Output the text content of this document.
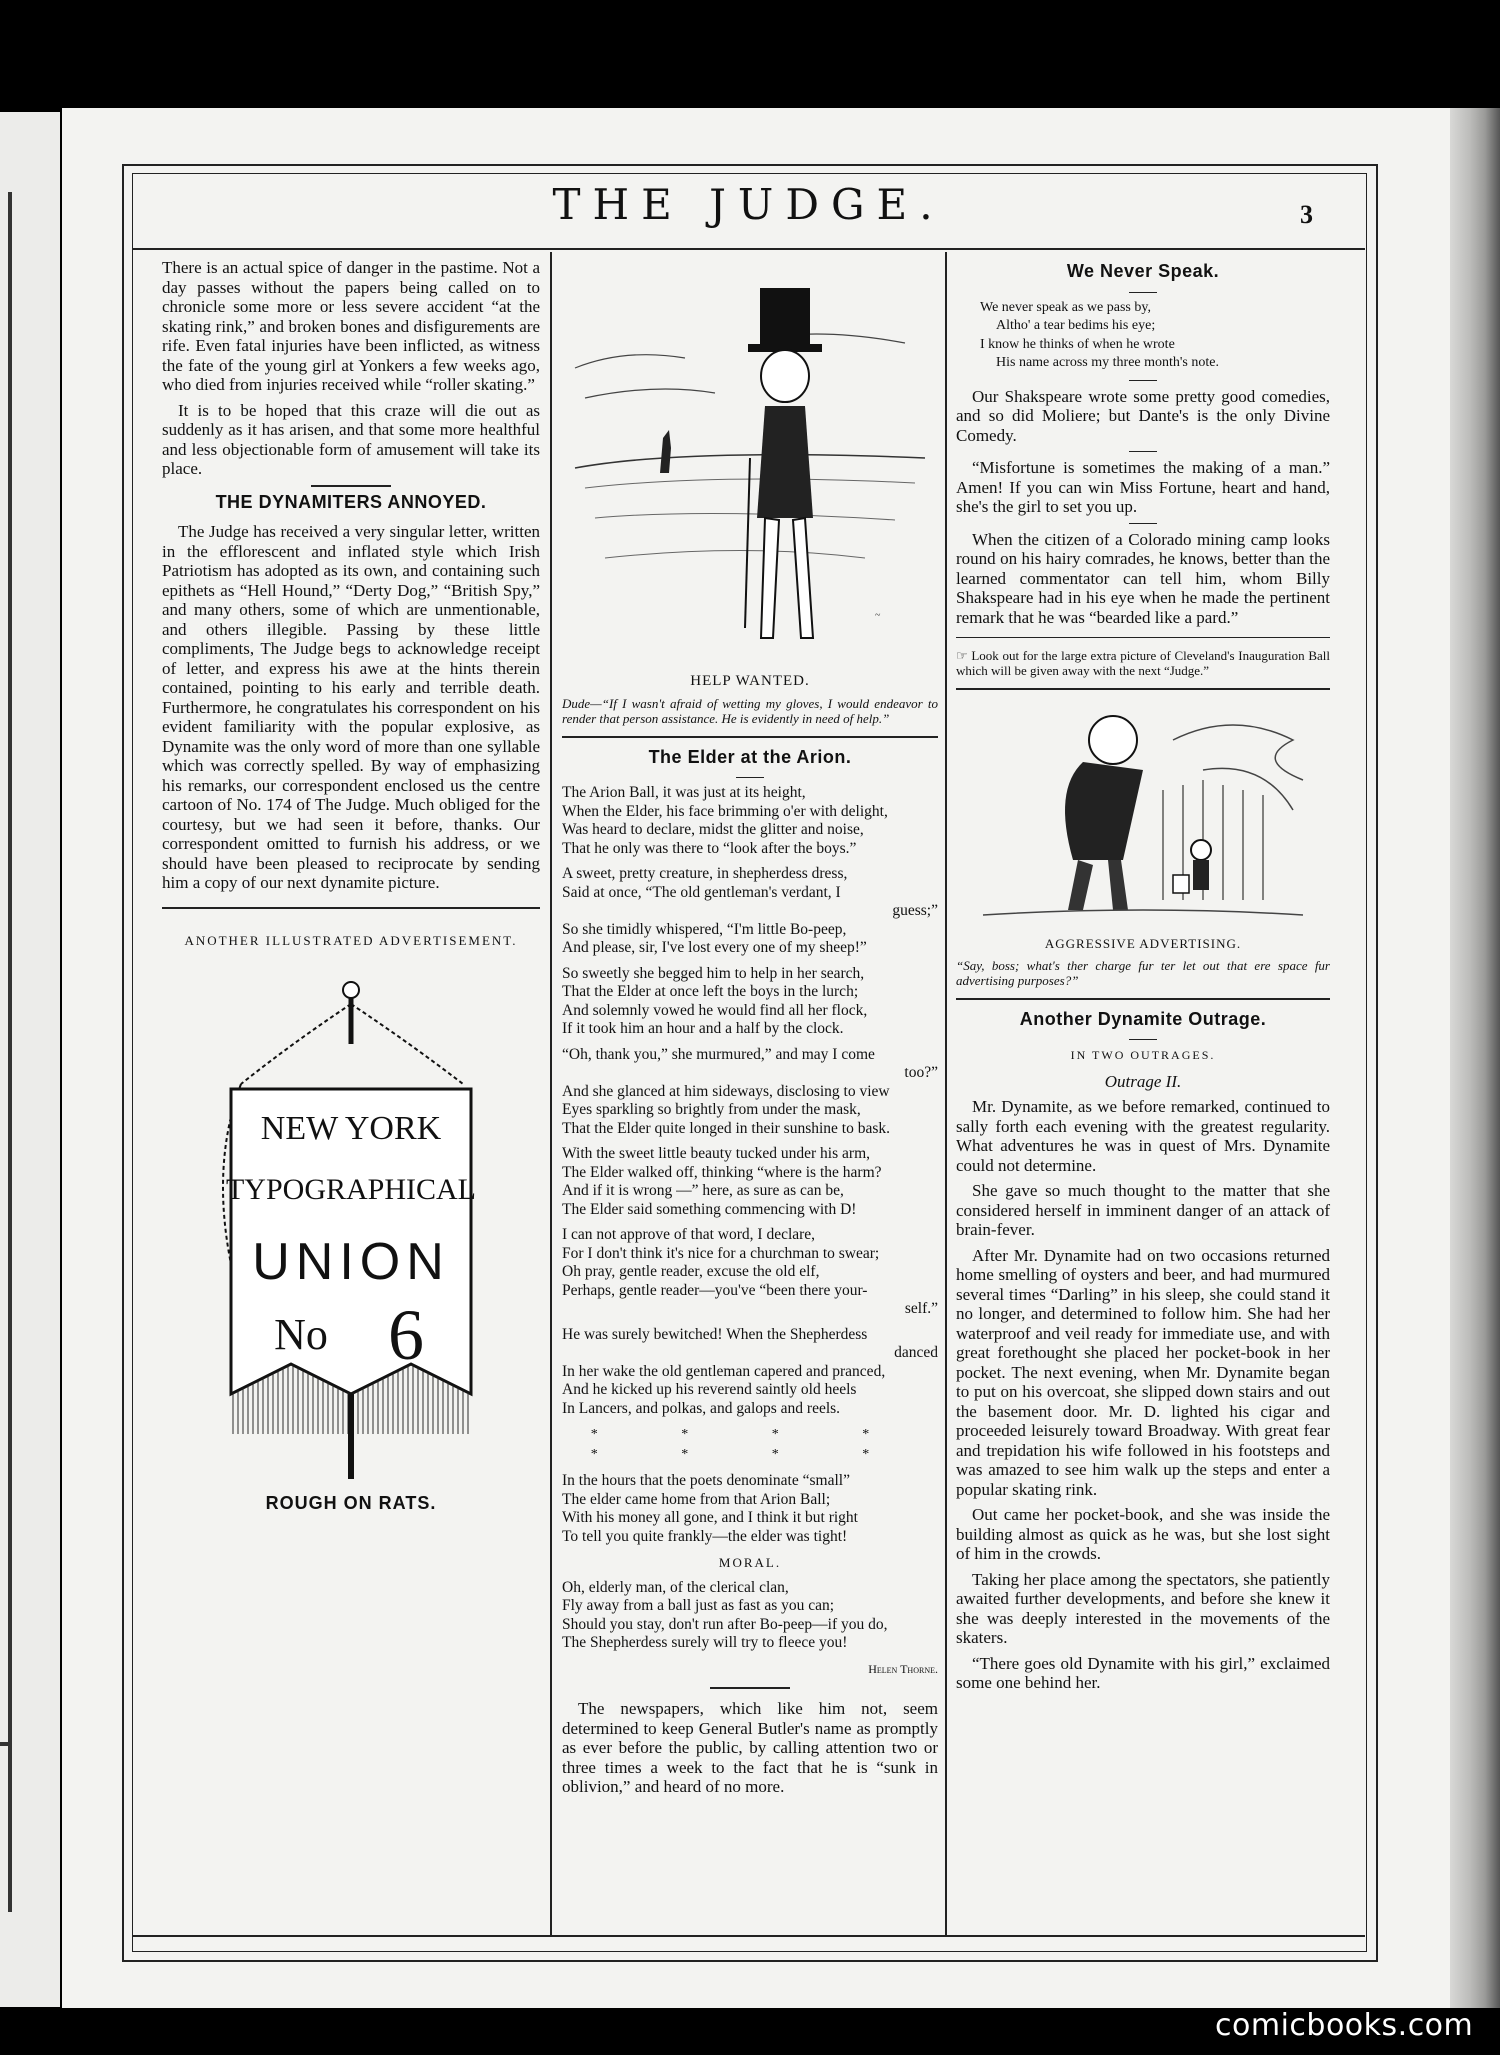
THE JUDGE.	3

There is an actual spice of danger in the pastime. Not a day passes without the papers being called on to chronicle some more or less severe accident “at the skating rink,” and broken bones and disfigurements are rife. Even fatal injuries have been inflicted, as witness the fate of the young girl at Yonkers a few weeks ago, who died from injuries received while “roller skating.”

It is to be hoped that this craze will die out as suddenly as it has arisen, and that some more healthful and less objectionable form of amusement will take its place.

THE DYNAMITERS ANNOYED.

The Judge has received a very singular letter, written in the efflorescent and inflated style which Irish Patriotism has adopted as its own, and containing such epithets as “Hell Hound,” “Derty Dog,” “British Spy,” and many others, some of which are unmentionable, and others illegible. Passing by these little compliments, The Judge begs to acknowledge receipt of letter, and express his awe at the hints therein contained, pointing to his early and terrible death. Furthermore, he congratulates his correspondent on his evident familiarity with the popular explosive, as Dynamite was the only word of more than one syllable which was correctly spelled. By way of emphasizing his remarks, our correspondent enclosed us the centre cartoon of No. 174 of The Judge. Much obliged for the courtesy, but we had seen it before, thanks. Our correspondent omitted to furnish his address, or we should have been pleased to reciprocate by sending him a copy of our next dynamite picture.

ANOTHER ILLUSTRATED ADVERTISEMENT.
NEW YORK
TYPOGRAPHICAL
UNION
No 6
ROUGH ON RATS.
~
HELP WANTED.
Dude—“If I wasn't afraid of wetting my gloves, I would endeavor to render that person assistance. He is evidently in need of help.”
The Elder at the Arion.
The Arion Ball, it was just at its height,
When the Elder, his face brimming o'er with delight,
Was heard to declare, midst the glitter and noise,
That he only was there to “look after the boys.”
A sweet, pretty creature, in shepherdess dress,
Said at once, “The old gentleman's verdant, I
guess;”
So she timidly whispered, “I'm little Bo-peep,
And please, sir, I've lost every one of my sheep!”
So sweetly she begged him to help in her search,
That the Elder at once left the boys in the lurch;
And solemnly vowed he would find all her flock,
If it took him an hour and a half by the clock.
“Oh, thank you,” she murmured,” and may I come
too?”
And she glanced at him sideways, disclosing to view
Eyes sparkling so brightly from under the mask,
That the Elder quite longed in their sunshine to bask.
With the sweet little beauty tucked under his arm,
The Elder walked off, thinking “where is the harm?
And if it is wrong —” here, as sure as can be,
The Elder said something commencing with D!
I can not approve of that word, I declare,
For I don't think it's nice for a churchman to swear;
Oh pray, gentle reader, excuse the old elf,
Perhaps, gentle reader—you've “been there your-
self.”
He was surely bewitched! When the Shepherdess
danced
In her wake the old gentleman capered and pranced,
And he kicked up his reverend saintly old heels
In Lancers, and polkas, and galops and reels.
* * * * * * * *
In the hours that the poets denominate “small”
The elder came home from that Arion Ball;
With his money all gone, and I think it but right
To tell you quite frankly—the elder was tight!
MORAL.
Oh, elderly man, of the clerical clan,
Fly away from a ball just as fast as you can;
Should you stay, don't run after Bo-peep—if you do,
The Shepherdess surely will try to fleece you!
Helen Thorne.

The newspapers, which like him not, seem determined to keep General Butler's name as promptly as ever before the public, by calling attention two or three times a week to the fact that he is “sunk in oblivion,” and heard of no more.

We Never Speak.
We never speak as we pass by,
Altho' a tear bedims his eye;
I know he thinks of when he wrote
His name across my three month's note.

Our Shakspeare wrote some pretty good comedies, and so did Moliere; but Dante's is the only Divine Comedy.

“Misfortune is sometimes the making of a man.” Amen! If you can win Miss Fortune, heart and hand, she's the girl to set you up.

When the citizen of a Colorado mining camp looks round on his hairy comrades, he knows, better than the learned commentator can tell him, whom Billy Shakspeare had in his eye when he made the pertinent remark that he was “bearded like a pard.”

☞ Look out for the large extra picture of Cleveland's Inauguration Ball which will be given away with the next “Judge.”
AGGRESSIVE ADVERTISING.
“Say, boss; what's ther charge fur ter let out that ere space fur advertising purposes?”
Another Dynamite Outrage.
IN TWO OUTRAGES.
Outrage II.

Mr. Dynamite, as we before remarked, continued to sally forth each evening with the greatest regularity. What adventures he was in quest of Mrs. Dynamite could not determine.

She gave so much thought to the matter that she considered herself in imminent danger of an attack of brain-fever.

After Mr. Dynamite had on two occasions returned home smelling of oysters and beer, and had murmured several times “Darling” in his sleep, she could stand it no longer, and determined to follow him. She had her waterproof and veil ready for immediate use, and with great forethought she placed her pocket-book in her pocket. The next evening, when Mr. Dynamite began to put on his overcoat, she slipped down stairs and out the basement door. Mr. D. lighted his cigar and proceeded leisurely toward Broadway. With great fear and trepidation his wife followed in his footsteps and was amazed to see him walk up the steps and enter a popular skating rink.

Out came her pocket-book, and she was inside the building almost as quick as he was, but she lost sight of him in the crowds.

Taking her place among the spectators, she patiently awaited further developments, and before she knew it she was deeply interested in the movements of the skaters.

“There goes old Dynamite with his girl,” exclaimed some one behind her.

comicbooks.com
